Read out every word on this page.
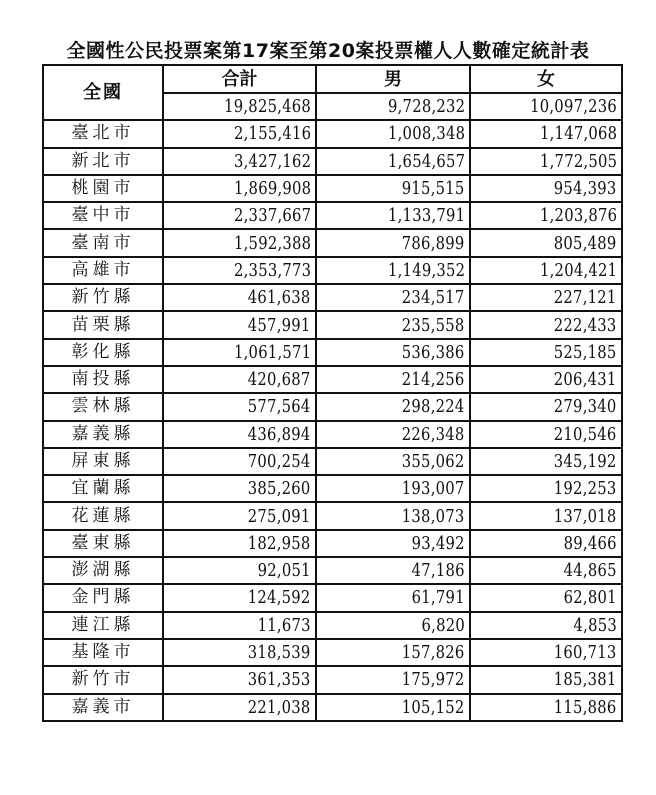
全國性公民投票案第17案至第20案投票權人人數確定統計表
全國	合計	男	女
	19,825,468	9,728,232	10,097,236
臺北市	2,155,416	1,008,348	1,147,068
新北市	3,427,162	1,654,657	1,772,505
桃園市	1,869,908	915,515	954,393
臺中市	2,337,667	1,133,791	1,203,876
臺南市	1,592,388	786,899	805,489
高雄市	2,353,773	1,149,352	1,204,421
新竹縣	461,638	234,517	227,121
苗栗縣	457,991	235,558	222,433
彰化縣	1,061,571	536,386	525,185
南投縣	420,687	214,256	206,431
雲林縣	577,564	298,224	279,340
嘉義縣	436,894	226,348	210,546
屏東縣	700,254	355,062	345,192
宜蘭縣	385,260	193,007	192,253
花蓮縣	275,091	138,073	137,018
臺東縣	182,958	93,492	89,466
澎湖縣	92,051	47,186	44,865
金門縣	124,592	61,791	62,801
連江縣	11,673	6,820	4,853
基隆市	318,539	157,826	160,713
新竹市	361,353	175,972	185,381
嘉義市	221,038	105,152	115,886
